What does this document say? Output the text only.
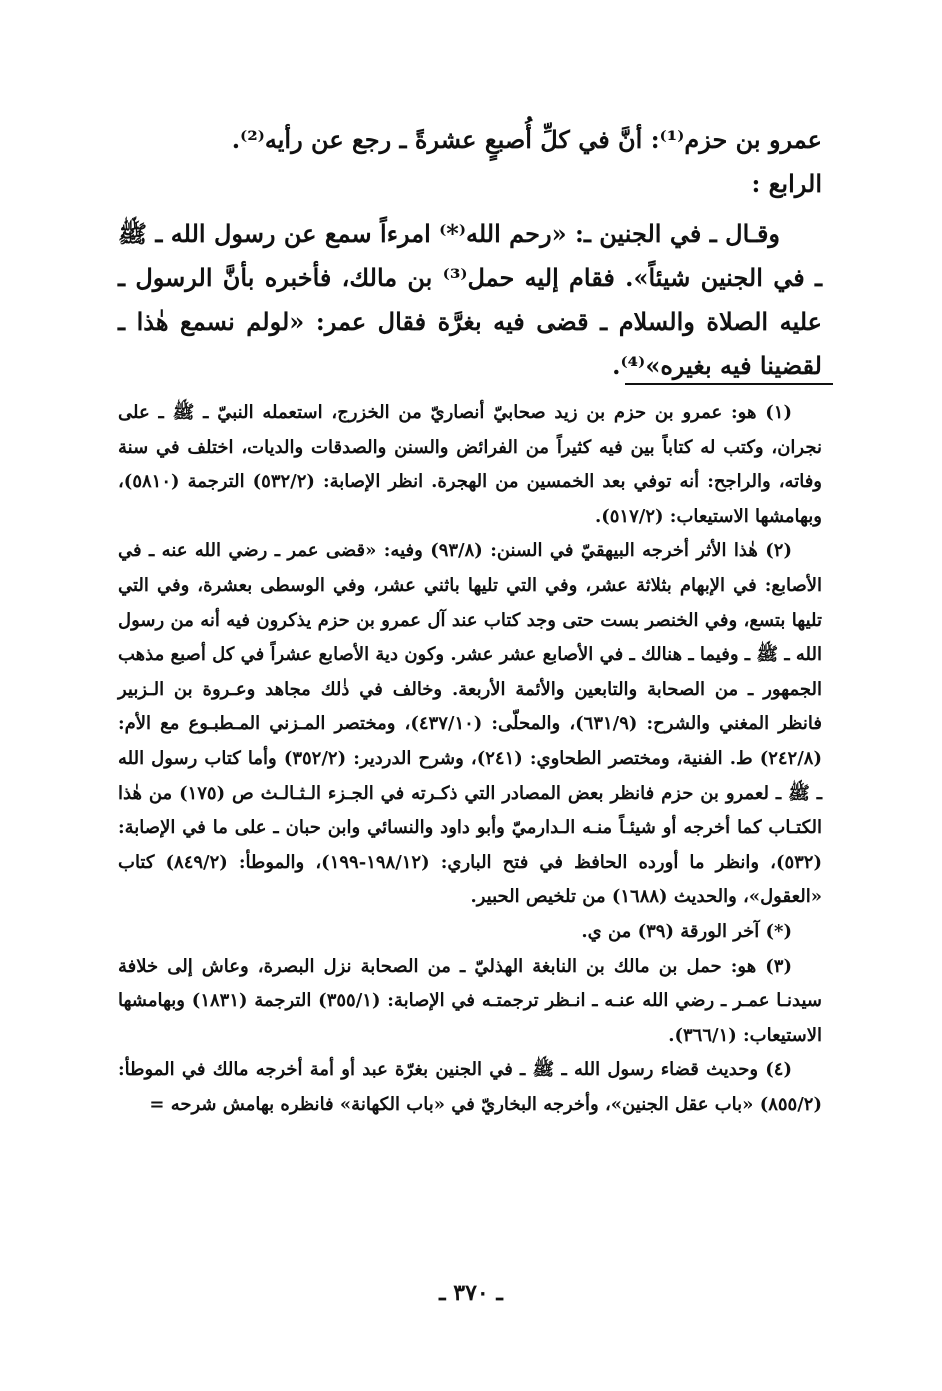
عمرو بن حزم⁽¹⁾: أنَّ في كلِّ أُصبعٍ عشرةً ـ رجع عن رأيه⁽²⁾.

الرابع :

وقـال ـ في الجنين ـ: «رحم الله⁽*⁾ امرءاً سمع عن رسول الله ـ ﷺ ـ في الجنين شيئاً». فقام إليه حمل⁽³⁾ بن مالك، فأخبره بأنَّ الرسول ـ عليه الصلاة والسلام ـ قضى فيه بغرَّة فقال عمر: «لولم نسمع هٰذا ـ لقضينا فيه بغيره»⁽⁴⁾.

(١) هو: عمرو بن حزم بن زيد صحابيّ أنصاريّ من الخزرج، استعمله النبيّ ـ ﷺ ـ على نجران، وكتب له كتاباً بين فيه كثيراً من الفرائض والسنن والصدقات والديات، اختلف في سنة وفاته، والراجح: أنه توفي بعد الخمسين من الهجرة. انظر الإصابة: (٥٣٢/٢) الترجمة (٥٨١٠)، وبهامشها الاستيعاب: (٥١٧/٢).

(٢) هٰذا الأثر أخرجه البيهقيّ في السنن: (٩٣/٨) وفيه: «قضى عمر ـ رضي الله عنه ـ في الأصابع: في الإبهام بثلاثة عشر، وفي التي تليها باثني عشر، وفي الوسطى بعشرة، وفي التي تليها بتسع، وفي الخنصر بست حتى وجد كتاب عند آل عمرو بن حزم يذكرون فيه أنه من رسول الله ـ ﷺ ـ وفيما ـ هنالك ـ في الأصابع عشر عشر. وكون دية الأصابع عشراً في كل أصبع مذهب الجمهور ـ من الصحابة والتابعين والأئمة الأربعة. وخالف في ذٰلك مجاهد وعـروة بن الـزبير فانظر المغني والشرح: (٦٣١/٩)، والمحلّى: (٤٣٧/١٠)، ومختصر المـزني المـطبـوع مع الأم: (٢٤٢/٨) ط. الفنية، ومختصر الطحاوي: (٢٤١)، وشرح الدردير: (٣٥٢/٢) وأما كتاب رسول الله ـ ﷺ ـ لعمرو بن حزم فانظر بعض المصادر التي ذكـرته في الجـزء الـثـالـث ص (١٧٥) من هٰذا الكتـاب كما أخرجه أو شيئـاً منـه الـدارميّ وأبو داود والنسائي وابن حبان ـ على ما في الإصابة: (٥٣٢)، وانظر ما أورده الحافظ في فتح الباري: (١٩٨/١٢-١٩٩)، والموطأ: (٨٤٩/٢) كتاب «العقول»، والحديث (١٦٨٨) من تلخيص الحبير.

(*) آخر الورقة (٣٩) من ي.

(٣) هو: حمل بن مالك بن النابغة الهذليّ ـ من الصحابة نزل البصرة، وعاش إلى خلافة سيدنـا عمـر ـ رضي الله عنـه ـ انـظر ترجمتـه في الإصابة: (٣٥٥/١) الترجمة (١٨٣١) وبهامشها الاستيعاب: (٣٦٦/١).

(٤) وحديث قضاء رسول الله ـ ﷺ ـ في الجنين بغرّة عبد أو أمة أخرجه مالك في الموطأ: (٨٥٥/٢) «باب عقل الجنين»، وأخرجه البخاريّ في «باب الكهانة» فانظره بهامش شرحه =

ـ ٣٧٠ ـ
